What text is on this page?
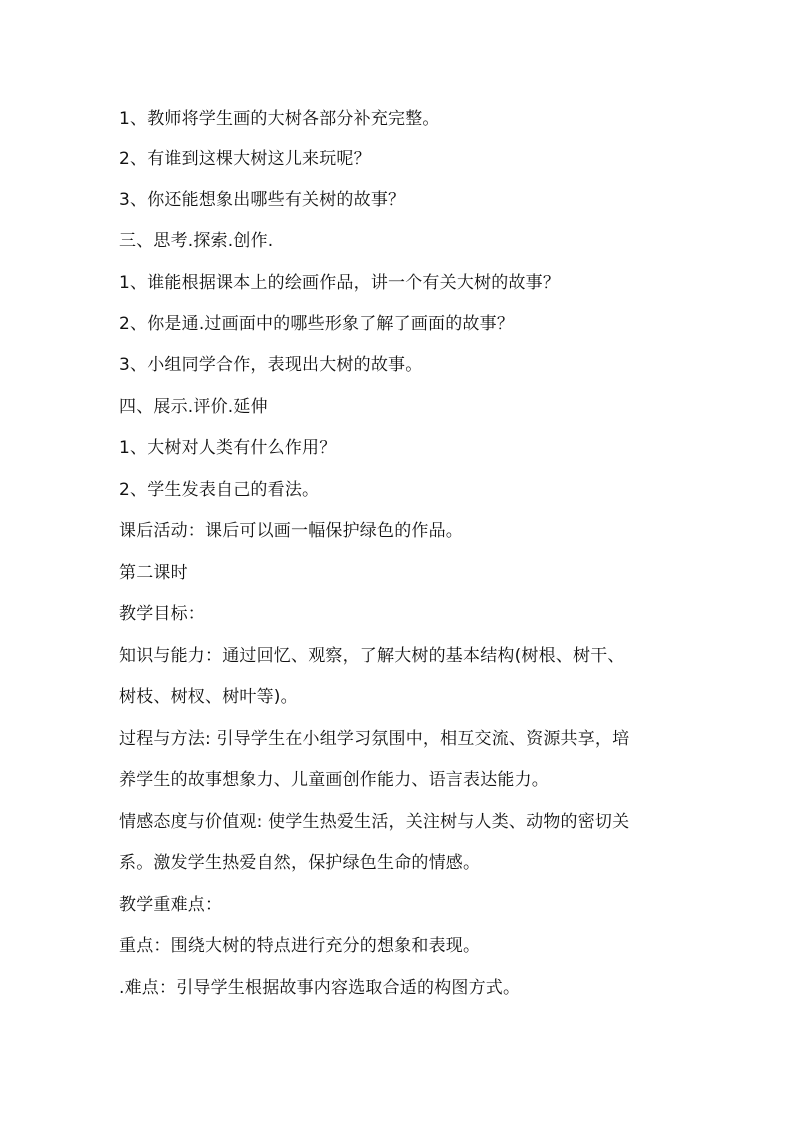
1、教师将学生画的大树各部分补充完整。
2、有谁到这棵大树这儿来玩呢？
3、你还能想象出哪些有关树的故事？
三、思考.探索.创作.
1、谁能根据课本上的绘画作品，讲一个有关大树的故事？
2、你是通.过画面中的哪些形象了解了画面的故事？
3、小组同学合作，表现出大树的故事。
四、展示.评价.延伸
1、大树对人类有什么作用？
2、学生发表自己的看法。
课后活动：课后可以画一幅保护绿色的作品。
第二课时
教学目标：
知识与能力：通过回忆、观察，了解大树的基本结构(树根、树干、
树枝、树杈、树叶等)。
过程与方法: 引导学生在小组学习氛围中，相互交流、资源共享，培
养学生的故事想象力、儿童画创作能力、语言表达能力。
情感态度与价值观: 使学生热爱生活，关注树与人类、动物的密切关
系。激发学生热爱自然，保护绿色生命的情感。
教学重难点：
重点：围绕大树的特点进行充分的想象和表现。
.难点：引导学生根据故事内容选取合适的构图方式。
